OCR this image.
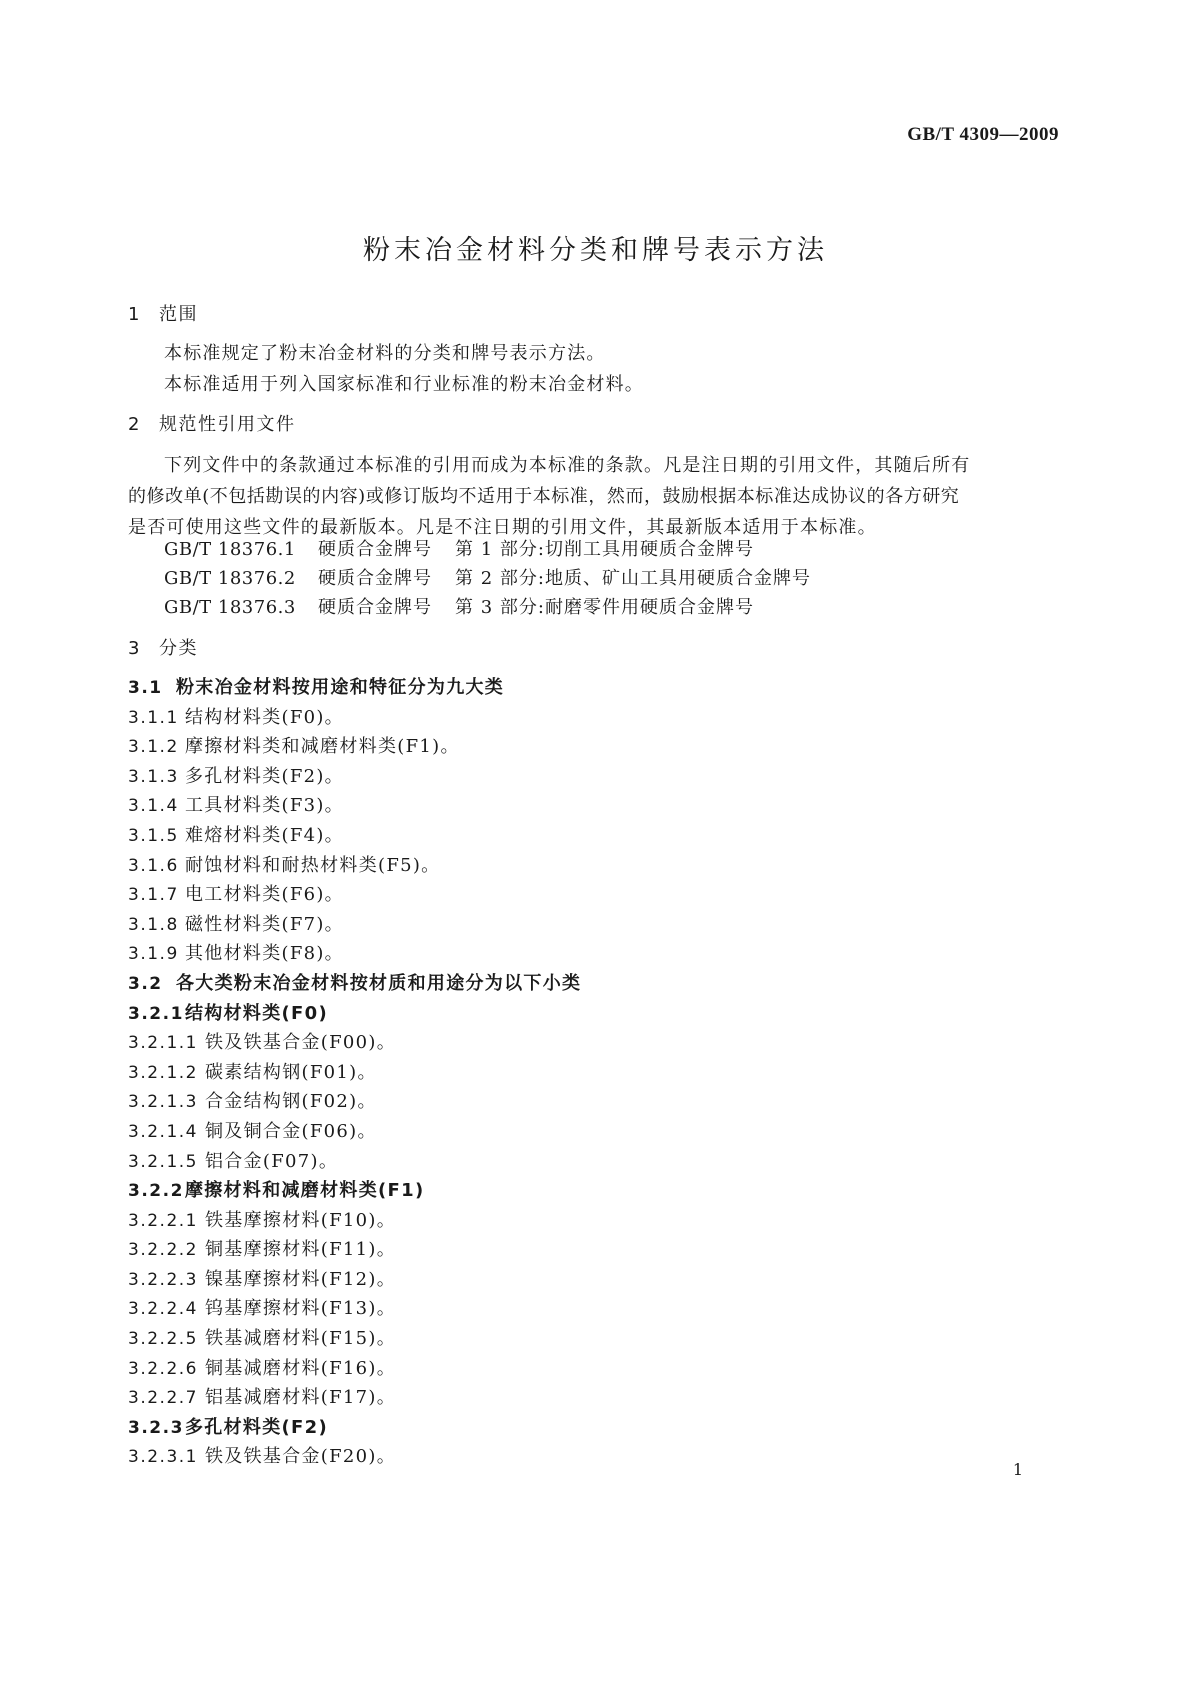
GB/T 4309—2009
粉末冶金材料分类和牌号表示方法
1 范围
本标准规定了粉末冶金材料的分类和牌号表示方法。
本标准适用于列入国家标准和行业标准的粉末冶金材料。
2 规范性引用文件
下列文件中的条款通过本标准的引用而成为本标准的条款。凡是注日期的引用文件，其随后所有
的修改单(不包括勘误的内容)或修订版均不适用于本标准，然而，鼓励根据本标准达成协议的各方研究
是否可使用这些文件的最新版本。凡是不注日期的引用文件，其最新版本适用于本标准。
GB/T 18376.1 硬质合金牌号 第 1 部分:切削工具用硬质合金牌号
GB/T 18376.2 硬质合金牌号 第 2 部分:地质、矿山工具用硬质合金牌号
GB/T 18376.3 硬质合金牌号 第 3 部分:耐磨零件用硬质合金牌号
3 分类
3.1 粉末冶金材料按用途和特征分为九大类
3.1.1 结构材料类(F0)。
3.1.2 摩擦材料类和减磨材料类(F1)。
3.1.3 多孔材料类(F2)。
3.1.4 工具材料类(F3)。
3.1.5 难熔材料类(F4)。
3.1.6 耐蚀材料和耐热材料类(F5)。
3.1.7 电工材料类(F6)。
3.1.8 磁性材料类(F7)。
3.1.9 其他材料类(F8)。
3.2 各大类粉末冶金材料按材质和用途分为以下小类
3.2.1结构材料类(F0)
3.2.1.1 铁及铁基合金(F00)。
3.2.1.2 碳素结构钢(F01)。
3.2.1.3 合金结构钢(F02)。
3.2.1.4 铜及铜合金(F06)。
3.2.1.5 铝合金(F07)。
3.2.2摩擦材料和减磨材料类(F1)
3.2.2.1 铁基摩擦材料(F10)。
3.2.2.2 铜基摩擦材料(F11)。
3.2.2.3 镍基摩擦材料(F12)。
3.2.2.4 钨基摩擦材料(F13)。
3.2.2.5 铁基减磨材料(F15)。
3.2.2.6 铜基减磨材料(F16)。
3.2.2.7 铝基减磨材料(F17)。
3.2.3多孔材料类(F2)
3.2.3.1 铁及铁基合金(F20)。
1
